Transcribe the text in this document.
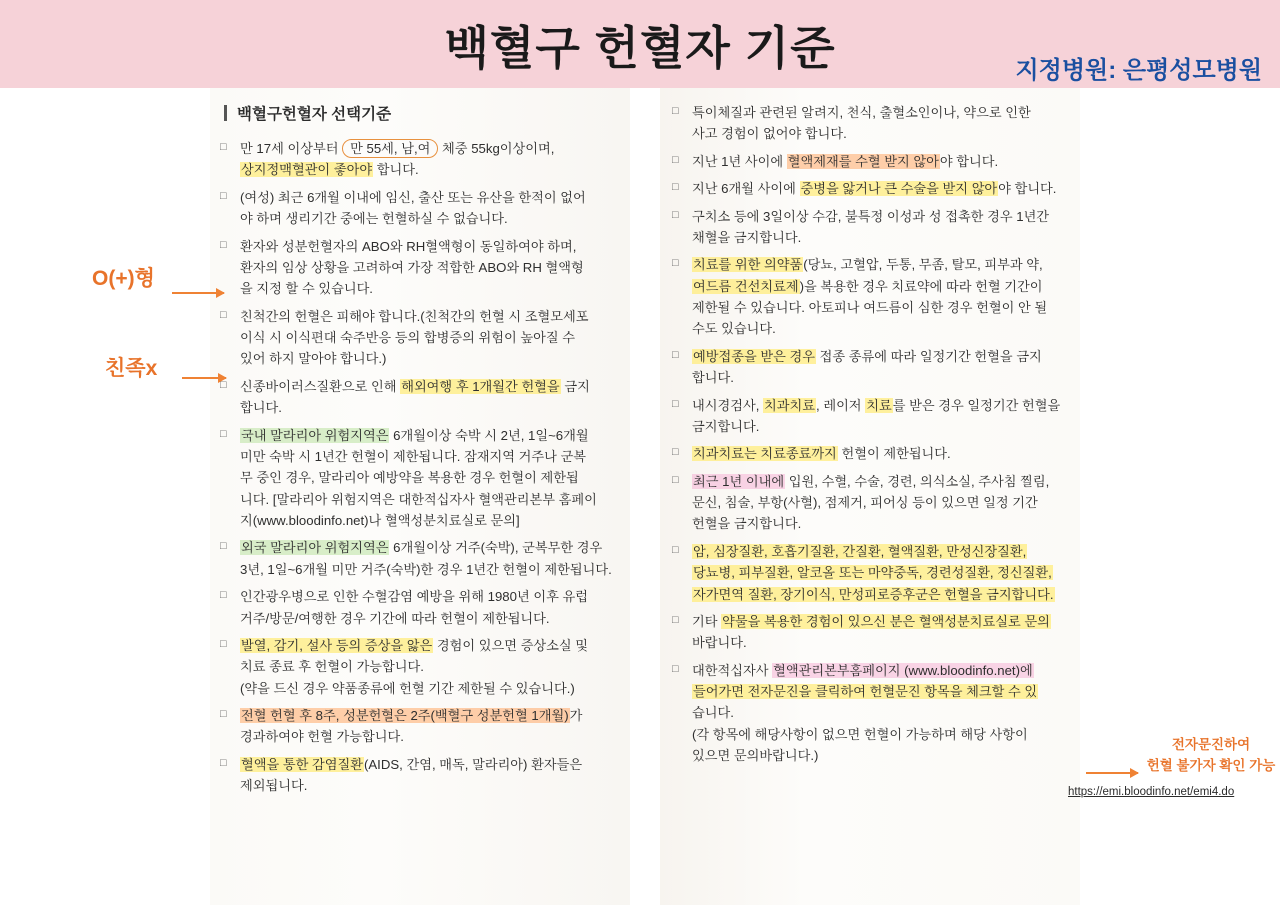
백혈구 헌혈자 기준	지정병원: 은평성모병원
백혈구헌혈자 선택기준
□	만 17세 이상부터 만 55세, 남,여 체중 55kg이상이며,
상지정맥혈관이 좋아야 합니다.
□	(여성) 최근 6개월 이내에 임신, 출산 또는 유산을 한적이 없어
야 하며 생리기간 중에는 헌혈하실 수 없습니다.
□	환자와 성분헌혈자의 ABO와 RH혈액형이 동일하여야 하며,
환자의 임상 상황을 고려하여 가장 적합한 ABO와 RH 혈액형
을 지정 할 수 있습니다.
□	친척간의 헌혈은 피해야 합니다.(친척간의 헌혈 시 조혈모세포
이식 시 이식편대 숙주반응 등의 합병증의 위험이 높아질 수
있어 하지 말아야 합니다.)
□	신종바이러스질환으로 인해 해외여행 후 1개월간 헌혈을 금지
합니다.
□	국내 말라리아 위험지역은 6개월이상 숙박 시 2년, 1일~6개월
미만 숙박 시 1년간 헌혈이 제한됩니다. 잠재지역 거주나 군복
무 중인 경우, 말라리아 예방약을 복용한 경우 헌혈이 제한됩
니다. [말라리아 위험지역은 대한적십자사 혈액관리본부 홈페이
지(www.bloodinfo.net)나 혈액성분치료실로 문의]
□	외국 말라리아 위험지역은 6개월이상 거주(숙박), 군복무한 경우
3년, 1일~6개월 미만 거주(숙박)한 경우 1년간 헌혈이 제한됩니다.
□	인간광우병으로 인한 수혈감염 예방을 위해 1980년 이후 유럽
거주/방문/여행한 경우 기간에 따라 헌혈이 제한됩니다.
□	발열, 감기, 설사 등의 증상을 앓은 경험이 있으면 증상소실 및
치료 종료 후 헌혈이 가능합니다.
(약을 드신 경우 약품종류에 헌혈 기간 제한될 수 있습니다.)
□	전혈 헌혈 후 8주, 성분헌혈은 2주(백혈구 성분헌혈 1개월)가
경과하여야 헌혈 가능합니다.
□	혈액을 통한 감염질환(AIDS, 간염, 매독, 말라리아) 환자들은
제외됩니다.
□	특이체질과 관련된 알려지, 천식, 출혈소인이나, 약으로 인한
사고 경험이 없어야 합니다.
□	지난 1년 사이에 혈액제재를 수혈 받지 않아야 합니다.
□	지난 6개월 사이에 중병을 앓거나 큰 수술을 받지 않아야 합니다.
□	구치소 등에 3일이상 수감, 불특정 이성과 성 접촉한 경우 1년간
채혈을 금지합니다.
□	치료를 위한 의약품(당뇨, 고혈압, 두통, 무좀, 탈모, 피부과 약,
여드름 건선치료제)을 복용한 경우 치료약에 따라 헌혈 기간이
제한될 수 있습니다. 아토피나 여드름이 심한 경우 헌혈이 안 될
수도 있습니다.
□	예방접종을 받은 경우 접종 종류에 따라 일정기간 헌혈을 금지
합니다.
□	내시경검사, 치과치료, 레이저 치료를 받은 경우 일정기간 헌혈을
금지합니다.
□	치과치료는 치료종료까지 헌혈이 제한됩니다.
□	최근 1년 이내에 입원, 수혈, 수술, 경련, 의식소실, 주사침 찔림,
문신, 침술, 부항(사혈), 점제거, 피어싱 등이 있으면 일정 기간
헌혈을 금지합니다.
□	암, 심장질환, 호흡기질환, 간질환, 혈액질환, 만성신장질환,
당뇨병, 피부질환, 알코올 또는 마약중독, 경련성질환, 정신질환,
자가면역 질환, 장기이식, 만성피로증후군은 헌혈을 금지합니다.
□	기타 약물을 복용한 경험이 있으신 분은 혈액성분치료실로 문의
바랍니다.
□	대한적십자사 혈액관리본부홈페이지 (www.bloodinfo.net)에
들어가면 전자문진을 클릭하여 헌혈문진 항목을 체크할 수 있
습니다.
(각 항목에 해당사항이 없으면 헌혈이 가능하며 해당 사항이
있으면 문의바랍니다.)
O(+)형
친족x
전자문진하여
헌혈 불가자 확인 가능
https://emi.bloodinfo.net/emi4.do
